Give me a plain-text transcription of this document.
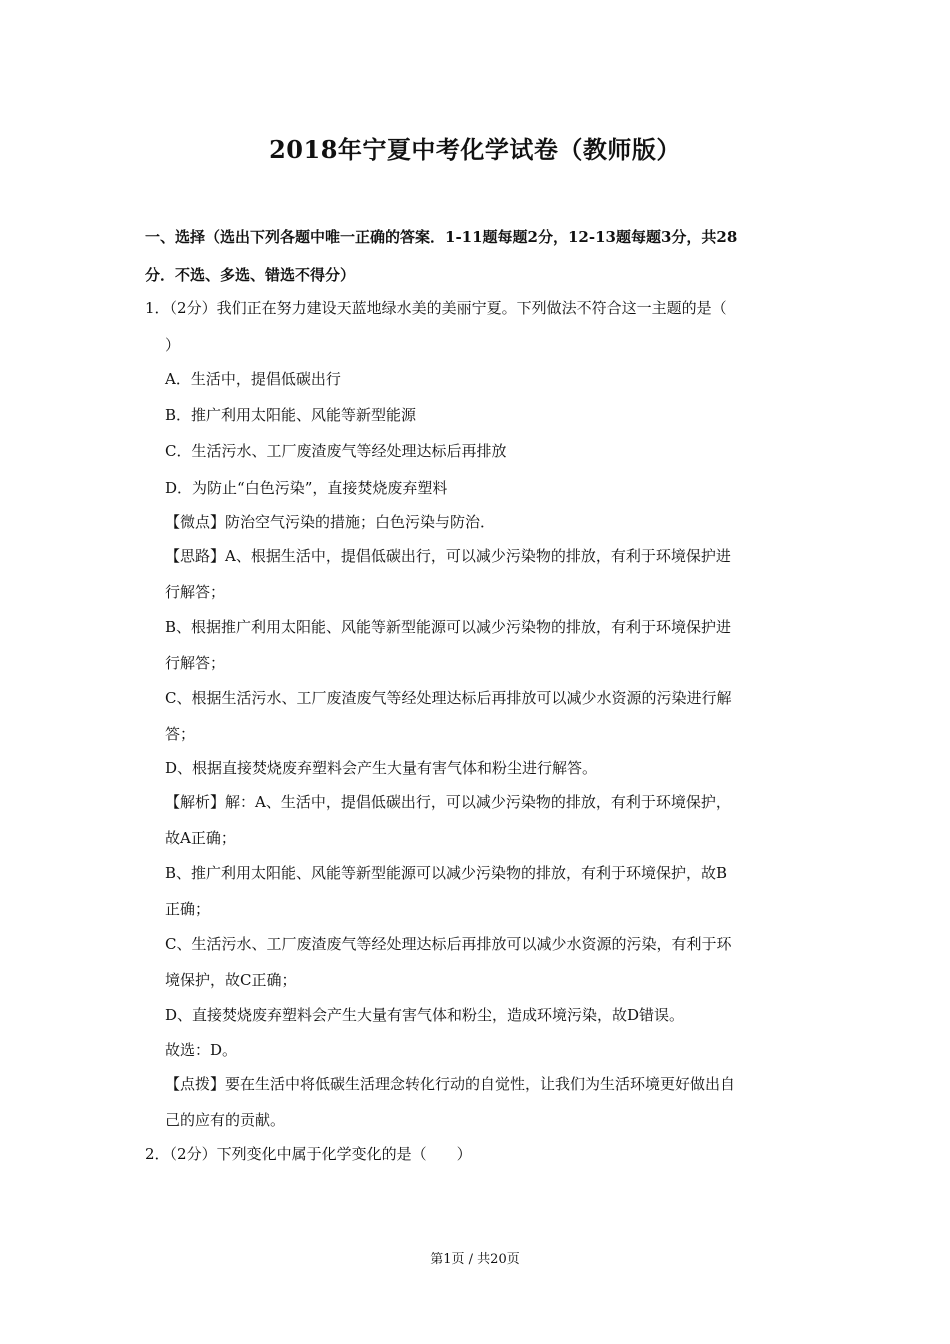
2018年宁夏中考化学试卷（教师版）
一、选择（选出下列各题中唯一正确的答案．1-11题每题2分，12-13题每题3分，共28
分．不选、多选、错选不得分）
1．（2分）我们正在努力建设天蓝地绿水美的美丽宁夏。下列做法不符合这一主题的是（
）
A．生活中，提倡低碳出行
B．推广利用太阳能、风能等新型能源
C．生活污水、工厂废渣废气等经处理达标后再排放
D．为防止“白色污染”，直接焚烧废弃塑料
【微点】防治空气污染的措施；白色污染与防治．
【思路】A、根据生活中，提倡低碳出行，可以减少污染物的排放，有利于环境保护进
行解答；
B、根据推广利用太阳能、风能等新型能源可以减少污染物的排放，有利于环境保护进
行解答；
C、根据生活污水、工厂废渣废气等经处理达标后再排放可以减少水资源的污染进行解
答；
D、根据直接焚烧废弃塑料会产生大量有害气体和粉尘进行解答。
【解析】解：A、生活中，提倡低碳出行，可以减少污染物的排放，有利于环境保护，
故A正确；
B、推广利用太阳能、风能等新型能源可以减少污染物的排放，有利于环境保护，故B
正确；
C、生活污水、工厂废渣废气等经处理达标后再排放可以减少水资源的污染，有利于环
境保护，故C正确；
D、直接焚烧废弃塑料会产生大量有害气体和粉尘，造成环境污染，故D错误。
故选：D。
【点拨】要在生活中将低碳生活理念转化行动的自觉性，让我们为生活环境更好做出自
己的应有的贡献。
2．（2分）下列变化中属于化学变化的是（　　）
第1页 / 共20页
